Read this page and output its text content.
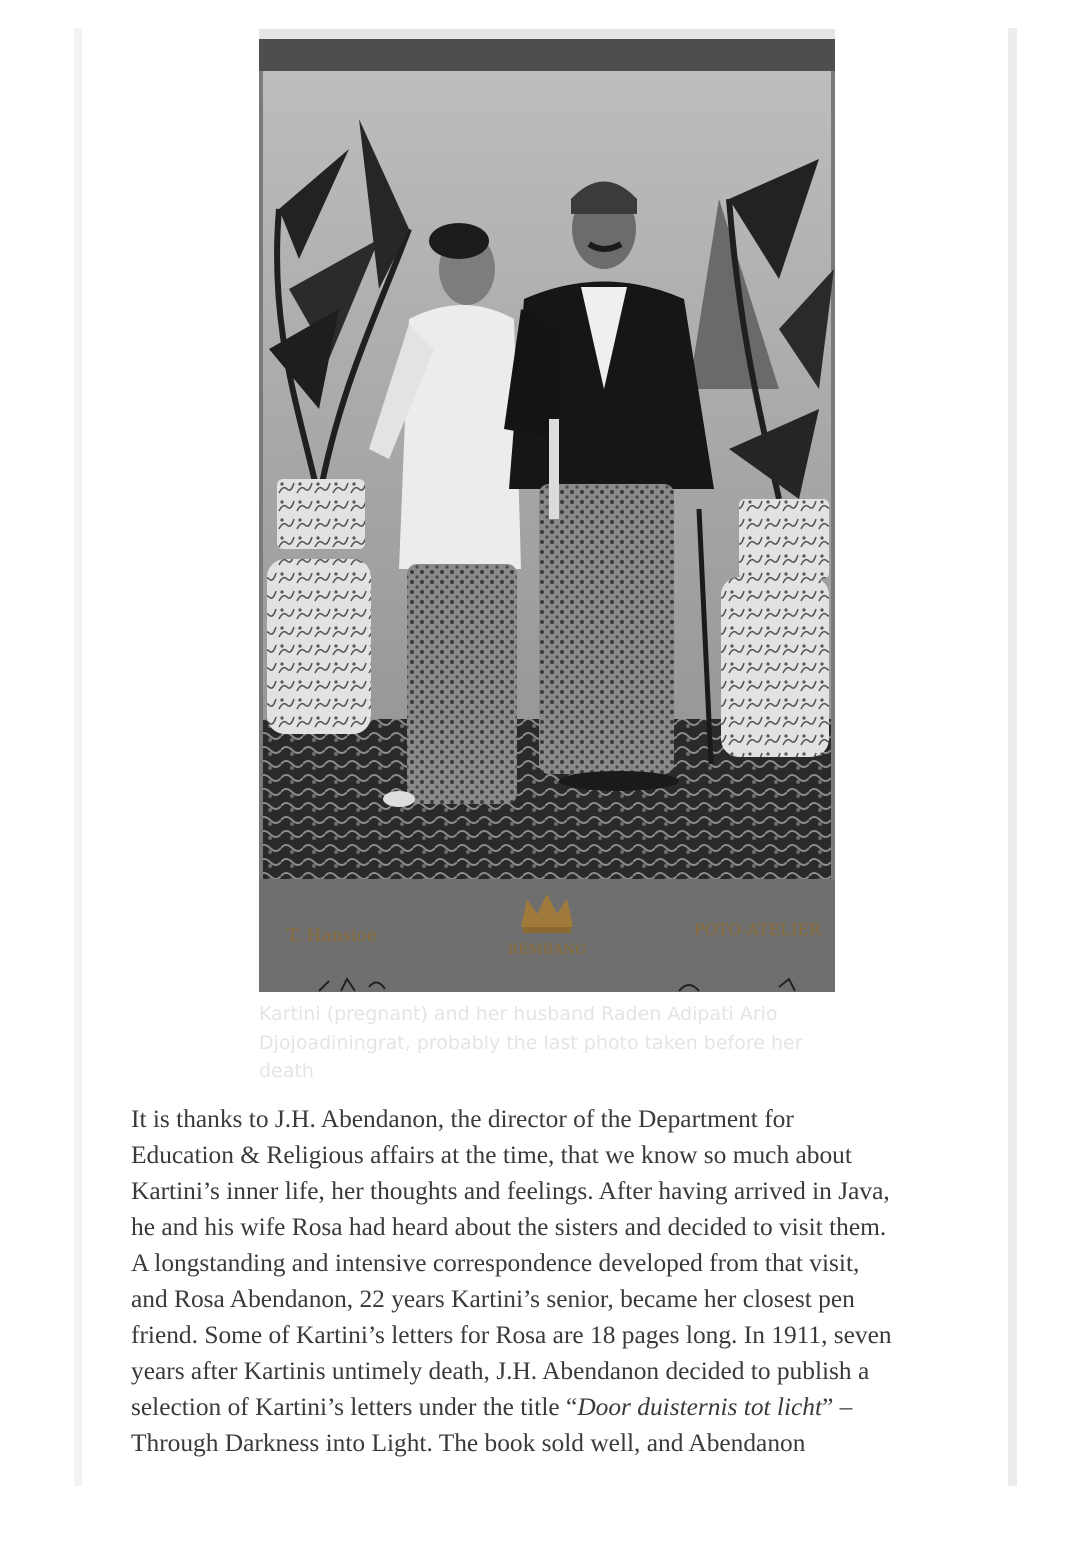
T. Hansioe
REMBANG
POTO-ATELIER
Kartini (pregnant) and her husband Raden Adipati Ario Djojoadiningrat, probably the last photo taken before her death

It is thanks to J.H. Abendanon, the director of the Department for
Education & Religious affairs at the time, that we know so much about
Kartini’s inner life, her thoughts and feelings. After having arrived in Java,
he and his wife Rosa had heard about the sisters and decided to visit them.
A longstanding and intensive correspondence developed from that visit,
and Rosa Abendanon, 22 years Kartini’s senior, became her closest pen
friend. Some of Kartini’s letters for Rosa are 18 pages long. In 1911, seven
years after Kartinis untimely death, J.H. Abendanon decided to publish a
selection of Kartini’s letters under the title “Door duisternis tot licht” –
Through Darkness into Light. The book sold well, and Abendanon
